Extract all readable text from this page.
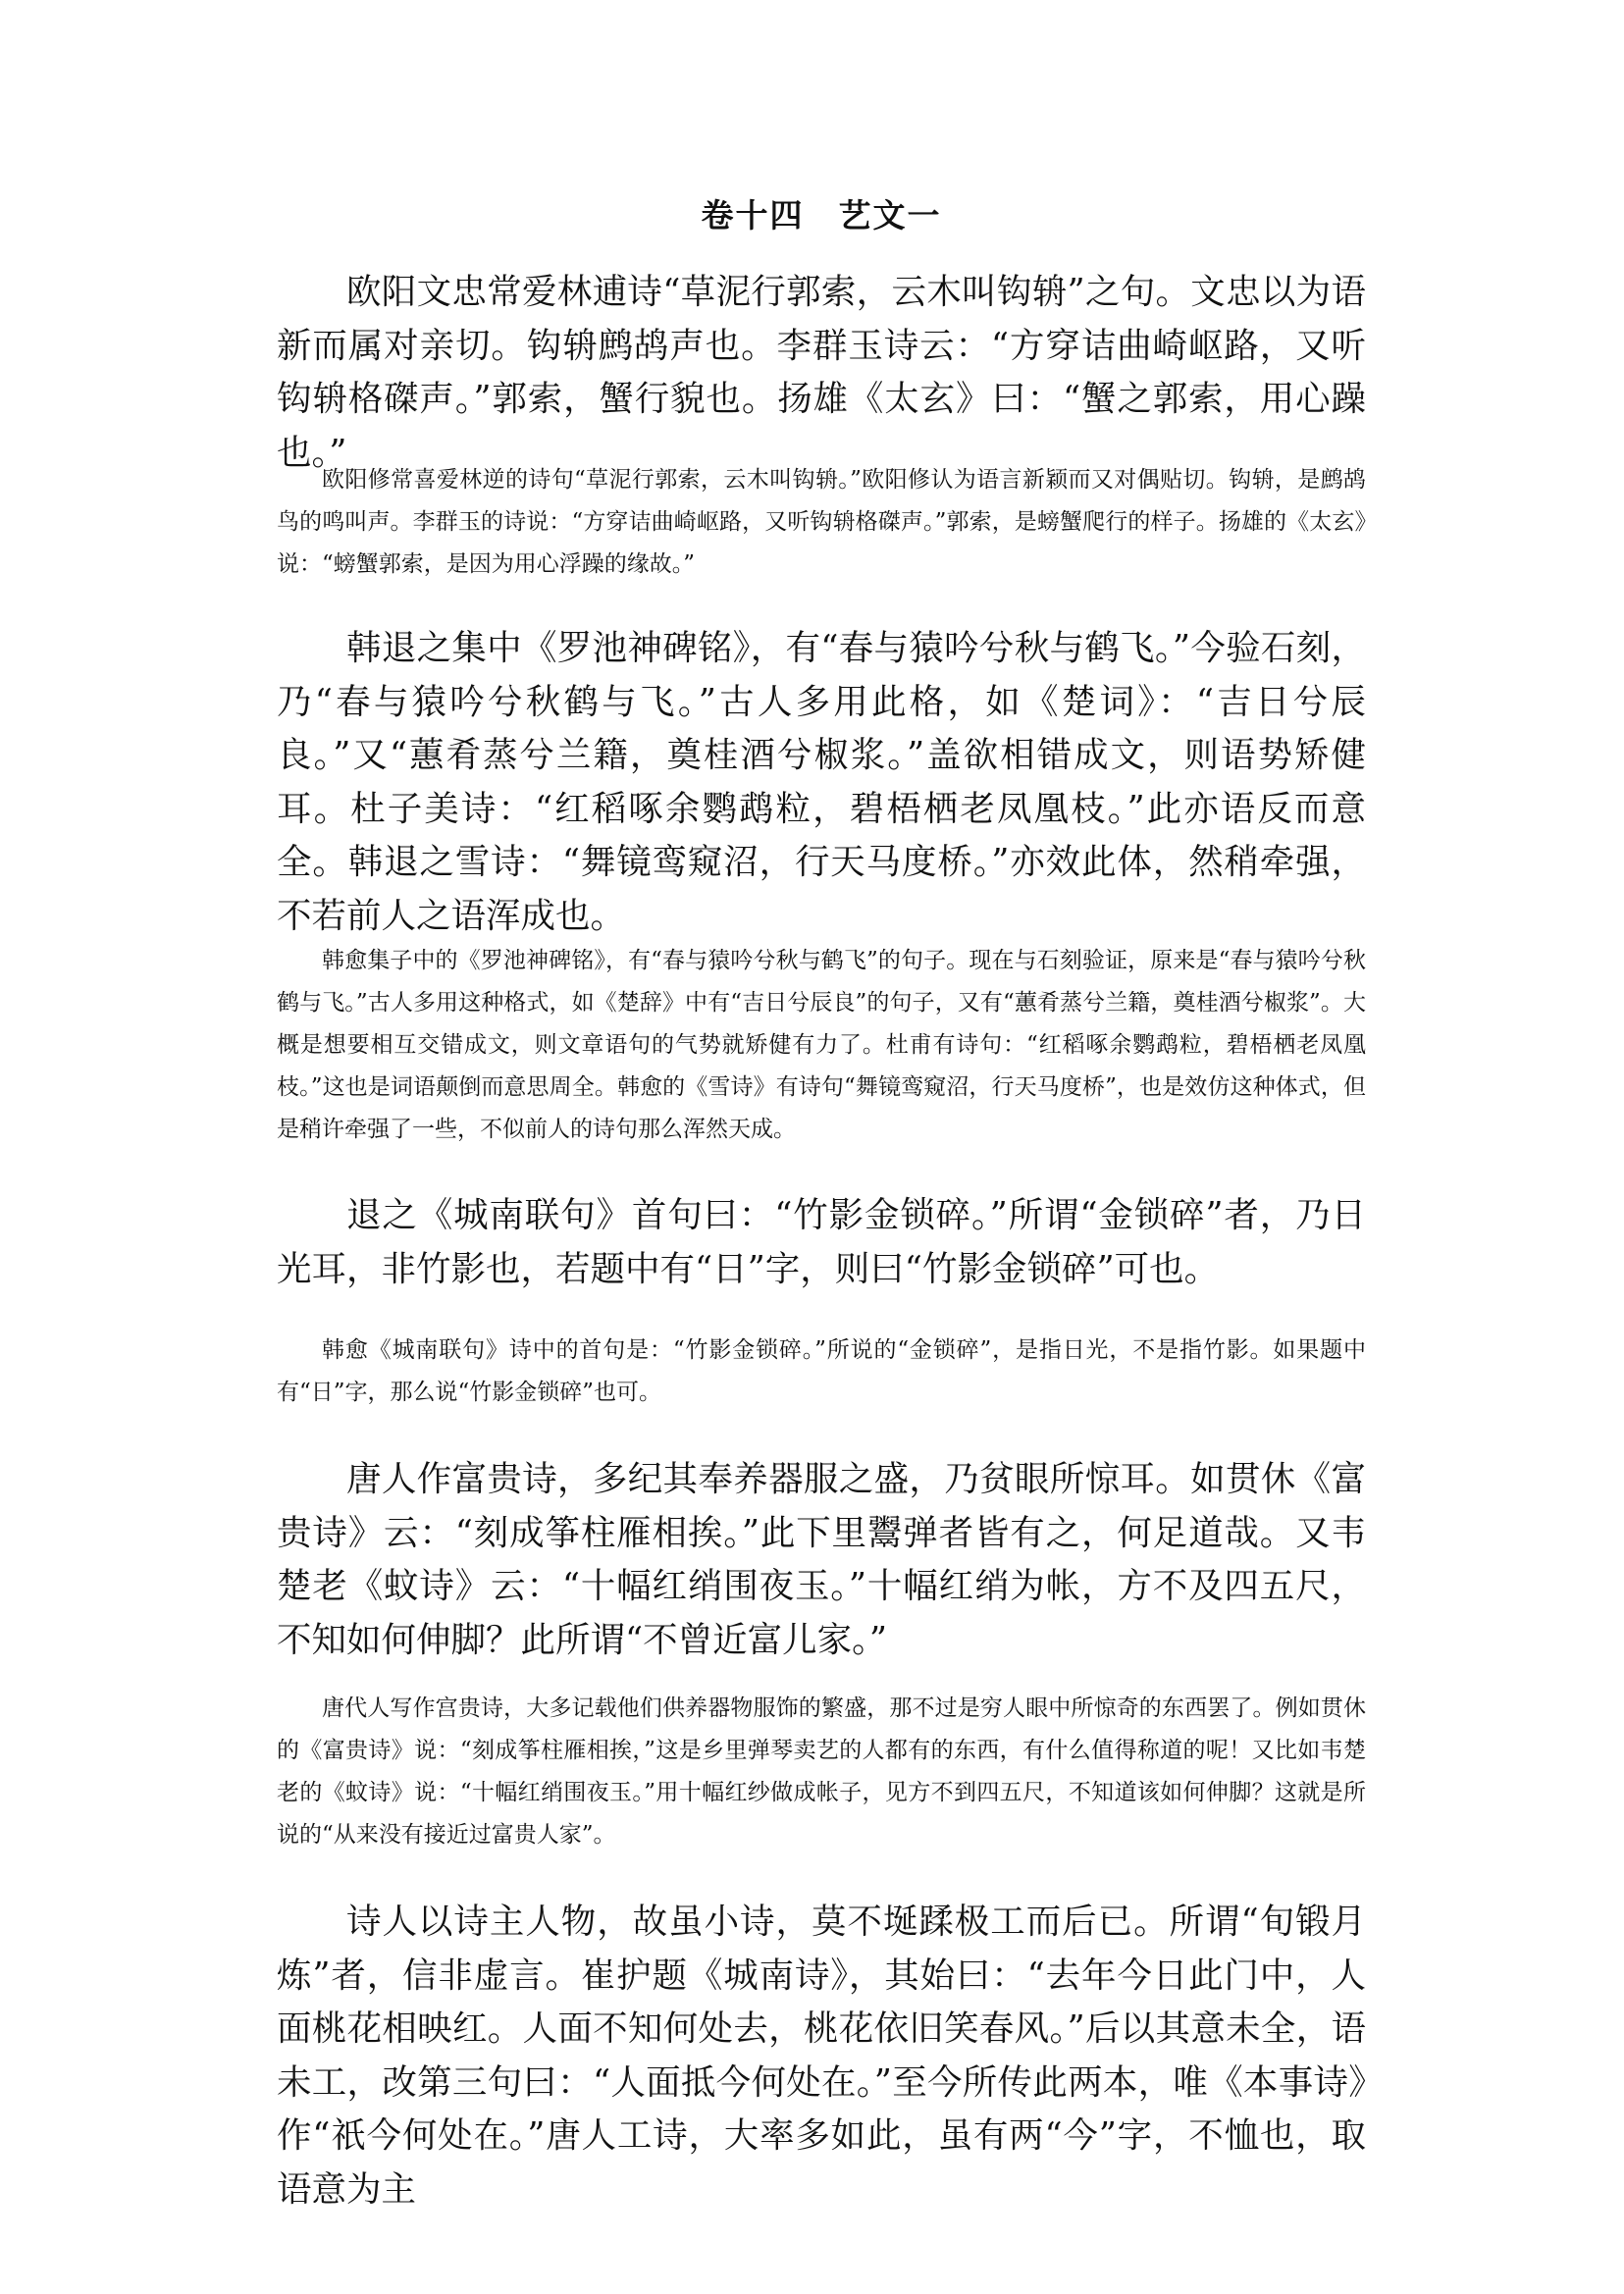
卷十四　艺文一

欧阳文忠常爱林逋诗“草泥行郭索，云木叫钩辀”之句。文忠以为语新而属对亲切。钩辀鹧鸪声也。李群玉诗云：“方穿诘曲崎岖路，又听钩辀格磔声。”郭索，蟹行貌也。扬雄《太玄》曰：“蟹之郭索，用心躁也。”

欧阳修常喜爱林逆的诗句“草泥行郭索，云木叫钩辀。”欧阳修认为语言新颖而又对偶贴切。钩辀，是鹧鸪鸟的鸣叫声。李群玉的诗说：“方穿诘曲崎岖路，又听钩辀格磔声。”郭索，是螃蟹爬行的样子。扬雄的《太玄》说：“螃蟹郭索，是因为用心浮躁的缘故。”

韩退之集中《罗池神碑铭》，有“春与猿吟兮秋与鹤飞。”今验石刻，乃“春与猿吟兮秋鹤与飞。”古人多用此格，如《楚词》：“吉日兮辰良。”又“蕙肴蒸兮兰籍，奠桂酒兮椒浆。”盖欲相错成文，则语势矫健耳。杜子美诗：“红稻啄余鹦鹉粒，碧梧栖老凤凰枝。”此亦语反而意全。韩退之雪诗：“舞镜鸾窥沼，行天马度桥。”亦效此体，然稍牵强，不若前人之语浑成也。

韩愈集子中的《罗池神碑铭》，有“春与猿吟兮秋与鹤飞”的句子。现在与石刻验证，原来是“春与猿吟兮秋鹤与飞。”古人多用这种格式，如《楚辞》中有“吉日兮辰良”的句子，又有“蕙肴蒸兮兰籍，奠桂酒兮椒浆”。大概是想要相互交错成文，则文章语句的气势就矫健有力了。杜甫有诗句：“红稻啄余鹦鹉粒，碧梧栖老凤凰枝。”这也是词语颠倒而意思周全。韩愈的《雪诗》有诗句“舞镜鸾窥沼，行天马度桥”，也是效仿这种体式，但是稍许牵强了一些，不似前人的诗句那么浑然天成。

退之《城南联句》首句曰：“竹影金锁碎。”所谓“金锁碎”者，乃日光耳，非竹影也，若题中有“日”字，则曰“竹影金锁碎”可也。

韩愈《城南联句》诗中的首句是：“竹影金锁碎。”所说的“金锁碎”，是指日光，不是指竹影。如果题中有“日”字，那么说“竹影金锁碎”也可。

唐人作富贵诗，多纪其奉养器服之盛，乃贫眼所惊耳。如贯休《富贵诗》云：“刻成筝柱雁相挨。”此下里鬻弹者皆有之，何足道哉。又韦楚老《蚊诗》云：“十幅红绡围夜玉。”十幅红绡为帐，方不及四五尺，不知如何伸脚？此所谓“不曾近富儿家。”

唐代人写作宫贵诗，大多记载他们供养器物服饰的繁盛，那不过是穷人眼中所惊奇的东西罢了。例如贯休的《富贵诗》说：“刻成筝柱雁相挨，”这是乡里弹琴卖艺的人都有的东西，有什么值得称道的呢！又比如韦楚老的《蚊诗》说：“十幅红绡围夜玉。”用十幅红纱做成帐子，见方不到四五尺，不知道该如何伸脚？这就是所说的“从来没有接近过富贵人家”。

诗人以诗主人物，故虽小诗，莫不埏蹂极工而后已。所谓“旬锻月炼”者，信非虚言。崔护题《城南诗》，其始曰：“去年今日此门中，人面桃花相映红。人面不知何处去，桃花依旧笑春风。”后以其意未全，语未工，改第三句曰：“人面抵今何处在。”至今所传此两本，唯《本事诗》作“祇今何处在。”唐人工诗，大率多如此，虽有两“今”字，不恤也，取语意为主
